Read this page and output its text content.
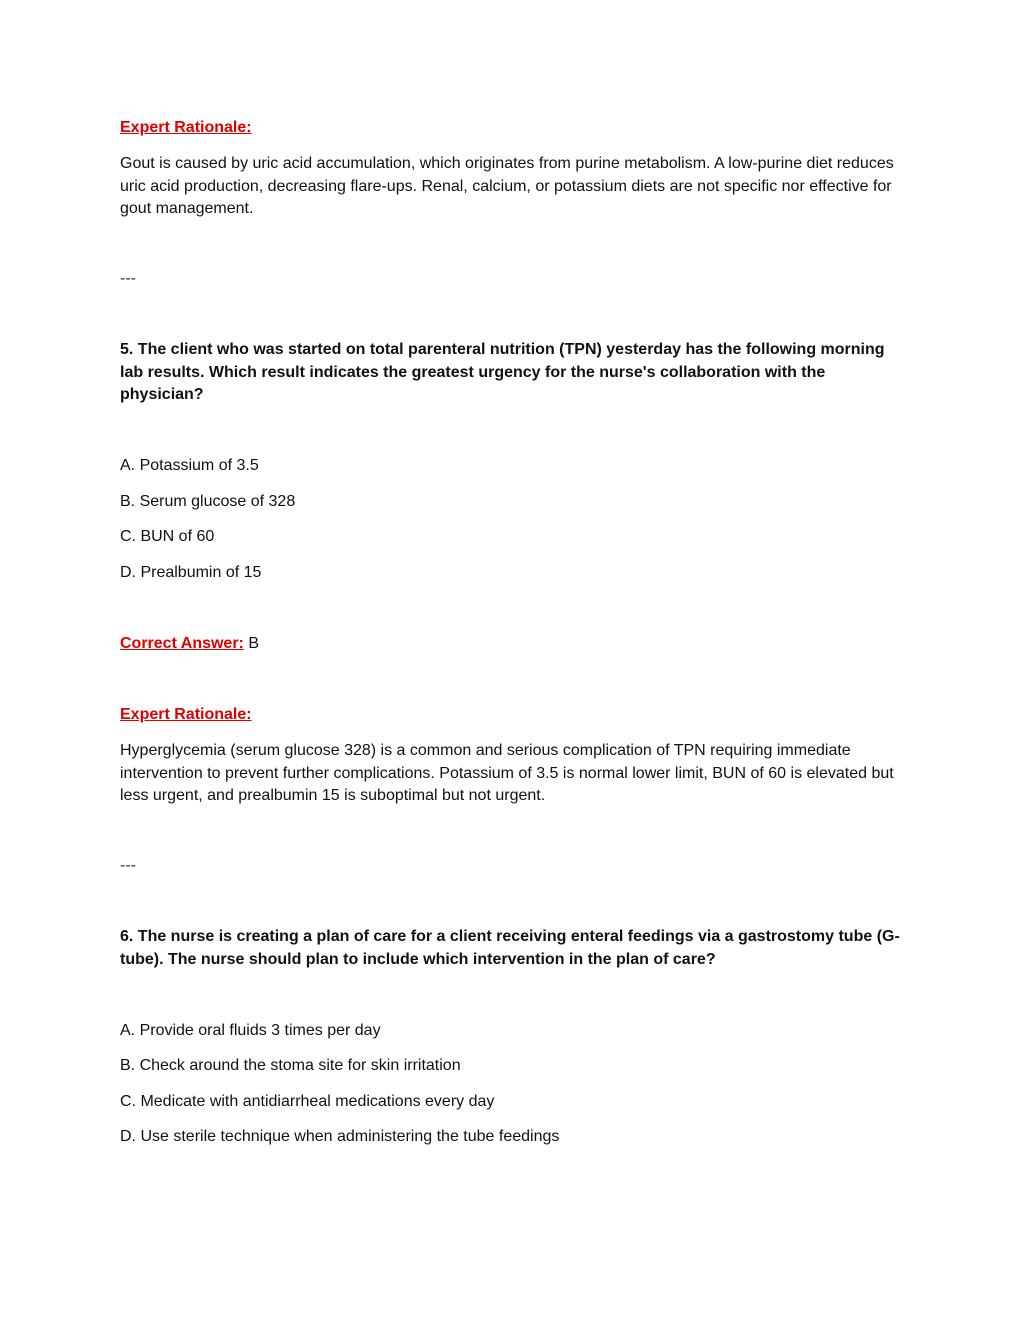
Expert Rationale:

Gout is caused by uric acid accumulation, which originates from purine metabolism. A low-purine diet reduces uric acid production, decreasing flare-ups. Renal, calcium, or potassium diets are not specific nor effective for gout management.

---

5. The client who was started on total parenteral nutrition (TPN) yesterday has the following morning lab results. Which result indicates the greatest urgency for the nurse's collaboration with the physician?

A. Potassium of 3.5

B. Serum glucose of 328

C. BUN of 60

D. Prealbumin of 15

Correct Answer: B

Expert Rationale:

Hyperglycemia (serum glucose 328) is a common and serious complication of TPN requiring immediate intervention to prevent further complications. Potassium of 3.5 is normal lower limit, BUN of 60 is elevated but less urgent, and prealbumin 15 is suboptimal but not urgent.

---

6. The nurse is creating a plan of care for a client receiving enteral feedings via a gastrostomy tube (G-tube). The nurse should plan to include which intervention in the plan of care?

A. Provide oral fluids 3 times per day

B. Check around the stoma site for skin irritation

C. Medicate with antidiarrheal medications every day

D. Use sterile technique when administering the tube feedings
